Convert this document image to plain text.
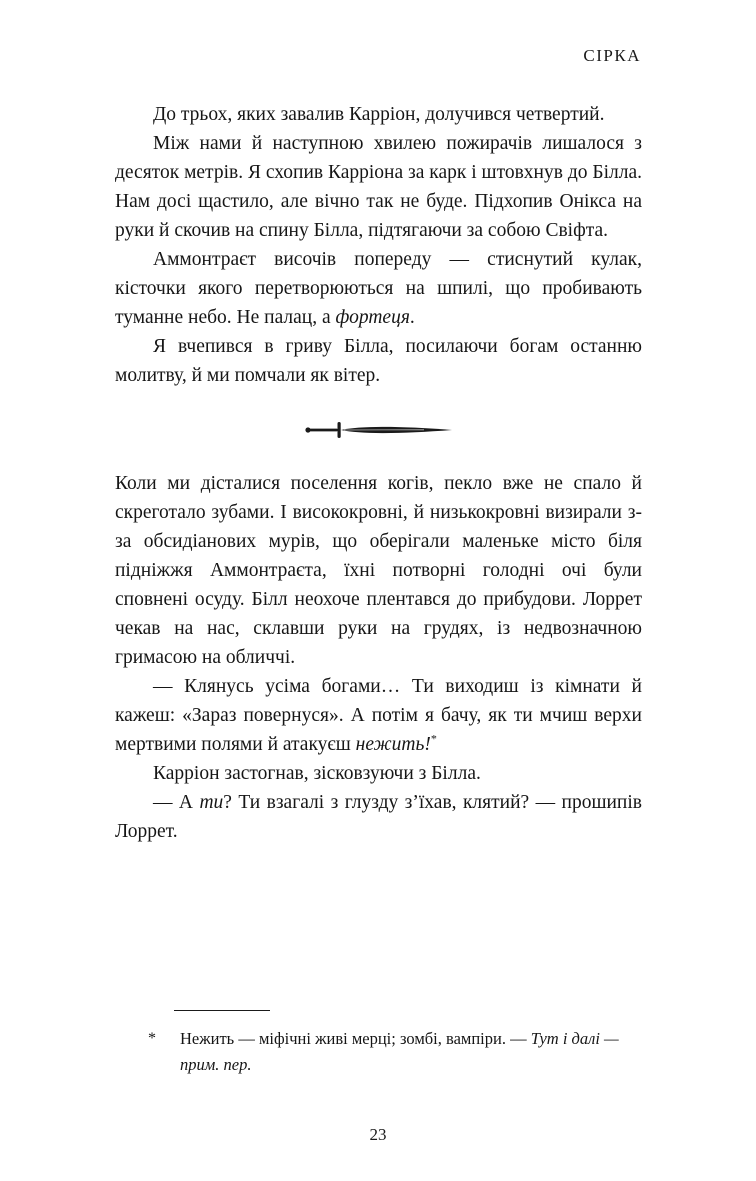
СІРКА

До трьох, яких завалив Карріон, долучився четвертий.

Між нами й наступною хвилею пожирачів лишалося з десяток метрів. Я схопив Карріона за карк і штовхнув до Білла. Нам досі щастило, але вічно так не буде. Підхопив Онікса на руки й скочив на спину Білла, підтягаючи за собою Свіфта.

Аммонтраєт височів попереду — стиснутий кулак, кісточки якого перетворюються на шпилі, що пробивають туманне небо. Не палац, а фортеця.

Я вчепився в гриву Білла, посилаючи богам останню молитву, й ми помчали як вітер.

Коли ми дісталися поселення когів, пекло вже не спало й скреготало зубами. І висококровні, й низькокровні визирали з-за обсидіанових мурів, що оберігали маленьке місто біля підніжжя Аммонтраєта, їхні потворні голодні очі були сповнені осуду. Білл неохоче плентався до прибудови. Лоррет чекав на нас, склавши руки на грудях, із недвозначною гримасою на обличчі.

— Клянусь усіма богами… Ти виходиш із кімнати й кажеш: «Зараз повернуся». А потім я бачу, як ти мчиш верхи мертвими полями й атакуєш нежить!*

Карріон застогнав, зісковзуючи з Білла.

— А ти? Ти взагалі з глузду з’їхав, клятий? — прошипів Лоррет.

*	Нежить — міфічні живі мерці; зомбі, вампіри. — Тут і далі — прим. пер.

23
